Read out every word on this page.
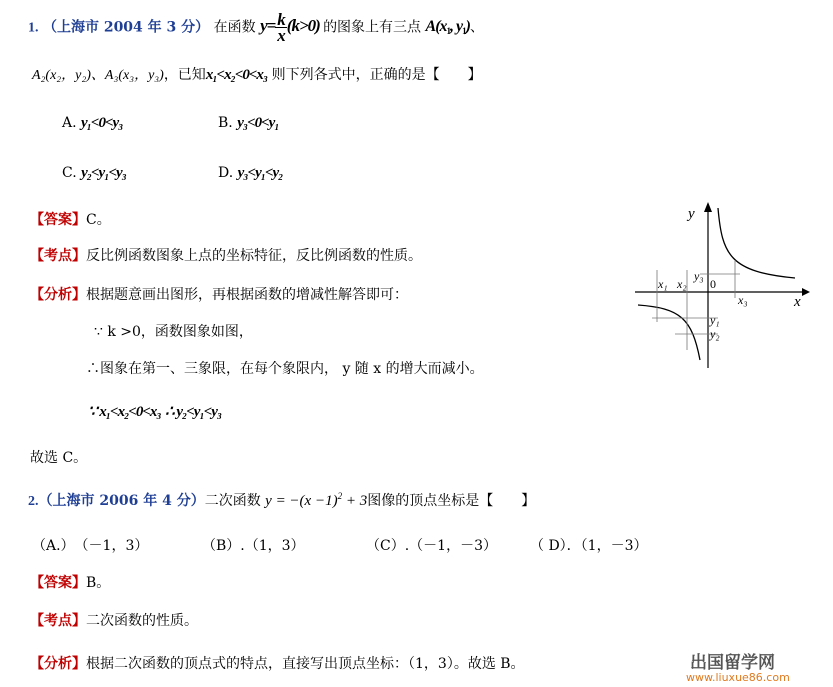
1. （上海市 2004 年 3 分） 在函数 $y= \frac{k}{x} (k>0)$ 的图象上有三点 $A(x_1$, $y_1$)、
A₂(x₂，y₂)、A₃(x₃，y₃)，已知x₁<x₂<0<x₃ 则下列各式中，正确的是【　　】
A. y₁<0<y₃	B. y₃<0<y₁
C. y₂<y₁<y₃	D. y₃<y₁<y₂
【答案】C。
【考点】反比例函数图象上点的坐标特征，反比例函数的性质。
【分析】根据题意画出图形，再根据函数的增减性解答即可：
∵ k >0，函数图象如图，
∴图象在第一、三象限，在每个象限内， y 随 x 的增大而减小。
∵ x₁<x₂<0<x₃ ∴ y₂<y₁<y₃
故选 C。
y
x
0
x₁ x₂
x₃
y₃
y₁
y₂
2.（上海市 2006 年 4 分）二次函数 $y = -(x -1)^2 + 3$图像的顶点坐标是【　　】
（A.）　（－1，3）	（B）.（1，3）	（C）.（－1，－3） （ D）．（1，－3）
【答案】B。
【考点】二次函数的性质。
【分析】根据二次函数的顶点式的特点，直接写出顶点坐标：（1，3）。故选 B。	出国留学网
www.liuxue86.com
